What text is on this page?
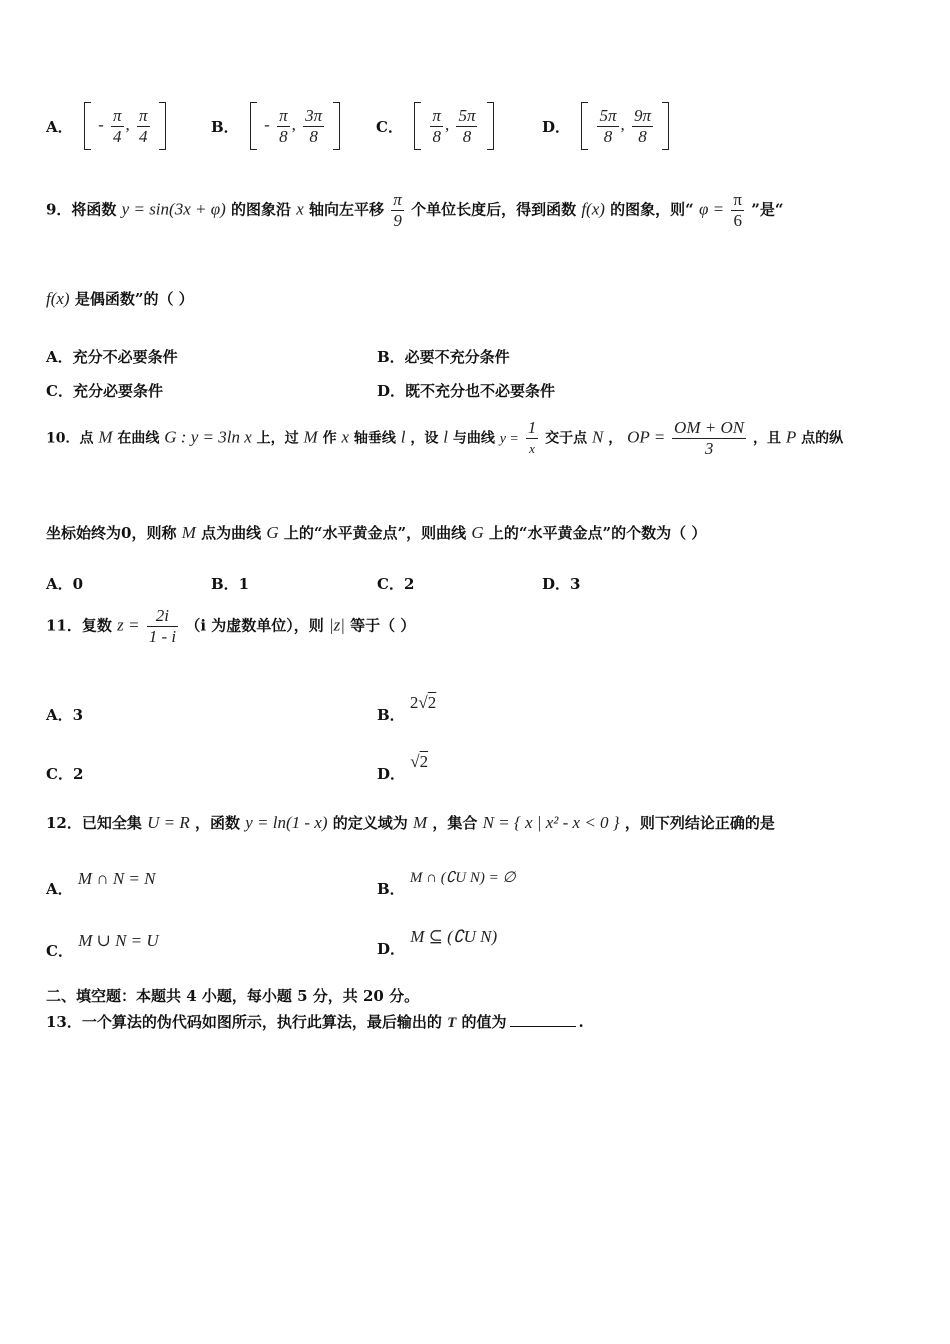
A． - $\frac{\pi}{4}$ , $\frac{\pi}{4}$
	B． - $\frac{\pi}{8}$ , $\frac{3\pi}{8}$
	C． $\frac{\pi}{8}$ , $\frac{5\pi}{8}$
	D． $\frac{5\pi}{8}$ , $\frac{9\pi}{8}$

9．将函数 y = sin(3x + φ) 的图象沿 x 轴向左平移 $\frac{\pi}{9}$ 个单位长度后，得到函数 f(x) 的图象，则“ $\varphi = \frac{\pi}{6}$ ”是“
f(x) 是偶函数”的（ ）
A．充分不必要条件	B．必要不充分条件
C．充分必要条件	D．既不充分也不必要条件
10．点 M 在曲线 G : y = 3ln x 上，过 M 作 x 轴垂线 l ，设 l 与曲线 $y = \frac{1}{x}$ 交于点 N ， OP = $\frac{OM + ON}{3}$ ，且 P 点的纵
坐标始终为0，则称 M 点为曲线 G 上的“水平黄金点”，则曲线 G 上的“水平黄金点”的个数为（ ）
A．0	B．1	C．2	D．3
11．复数 $z = \frac{2i}{1 - i} (i$ 为虚数单位），则 |z| 等于（ ）
A．3	B． 2√2
C．2	D． √2
12．已知全集 U = R ，函数 y = ln(1 - x) 的定义域为 M ，集合 N = { x | x² - x < 0 } ，则下列结论正确的是
A． M ∩ N = N
B． M ∩ (∁U N) = ∅
C． M ∪ N = U	D． M ⊆ (∁U N)
二、填空题：本题共 4 小题，每小题 5 分，共 20 分。
13．一个算法的伪代码如图所示，执行此算法，最后输出的 T 的值为	.
